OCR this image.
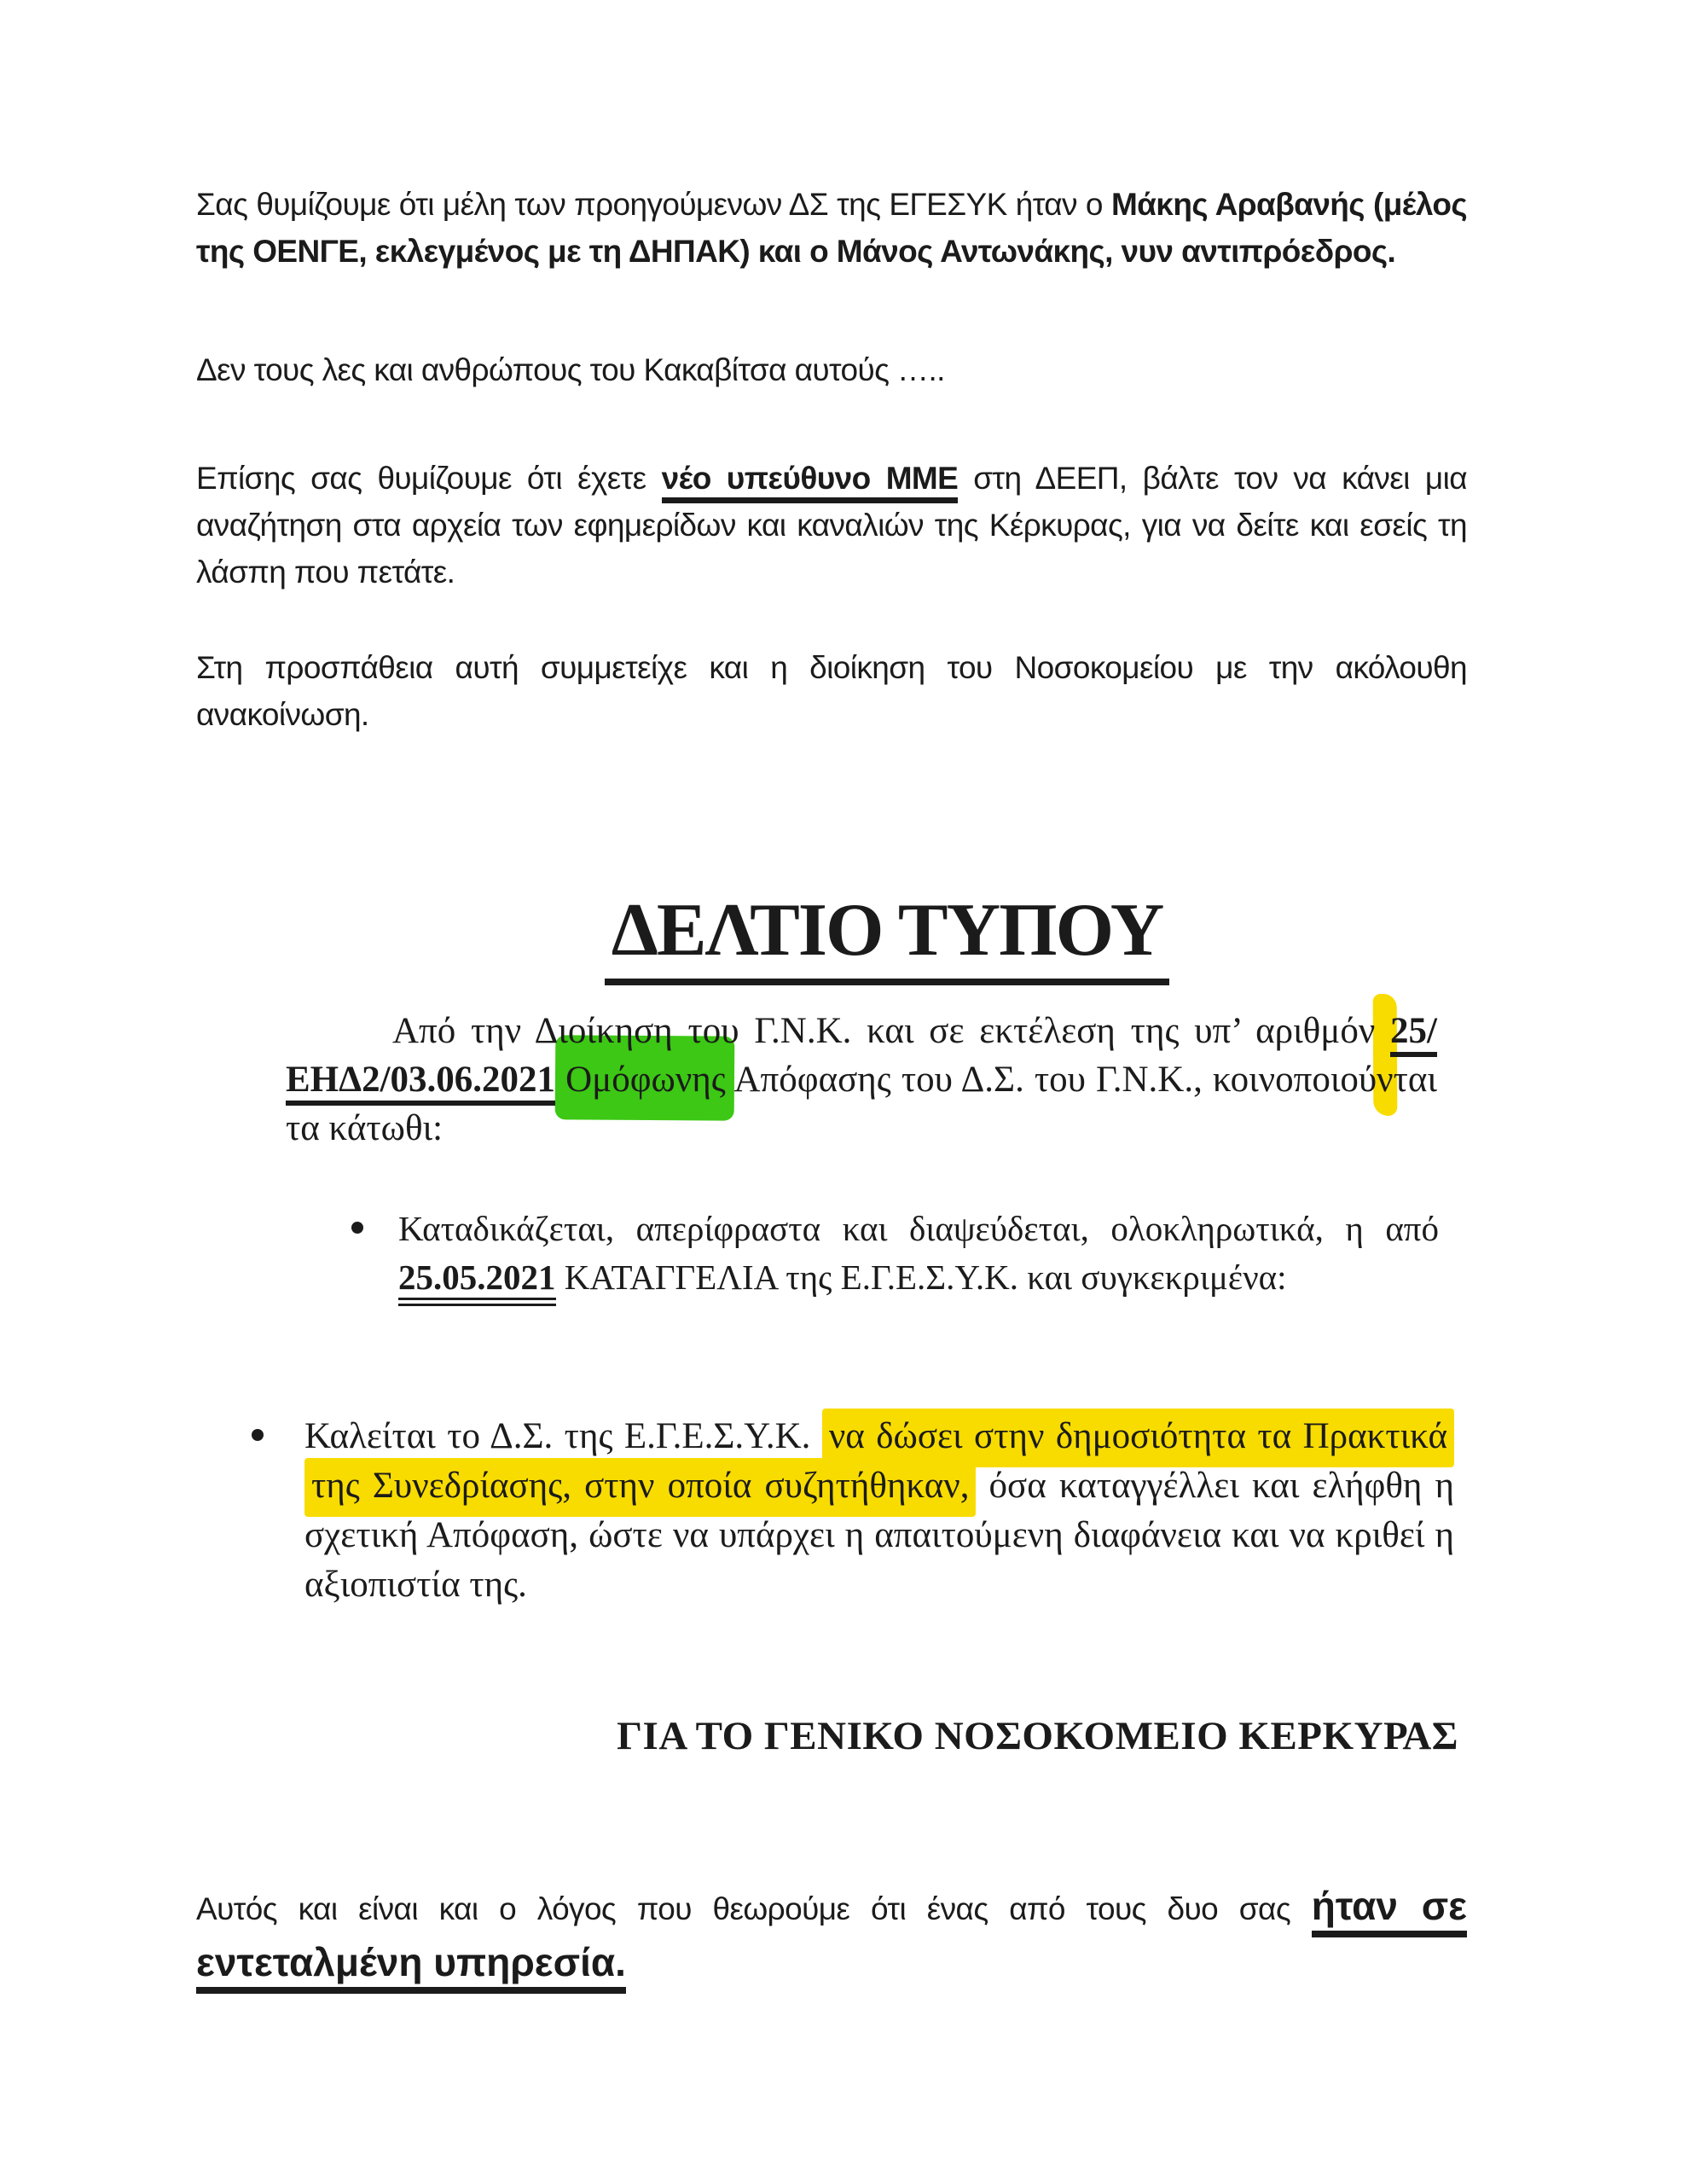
Σας θυμίζουμε ότι μέλη των προηγούμενων ΔΣ της ΕΓΕΣΥΚ ήταν ο Μάκης Αραβανής (μέλος της ΟΕΝΓΕ, εκλεγμένος με τη ΔΗΠΑΚ) και ο Μάνος Αντωνάκης, νυν αντιπρόεδρος.

Δεν τους λες και ανθρώπους του Κακαβίτσα αυτούς …..

Επίσης σας θυμίζουμε ότι έχετε νέο υπεύθυνο ΜΜΕ στη ΔΕΕΠ, βάλτε τον να κάνει μια αναζήτηση στα αρχεία των εφημερίδων και καναλιών της Κέρκυρας, για να δείτε και εσείς τη λάσπη που πετάτε.

Στη προσπάθεια αυτή συμμετείχε και η διοίκηση του Νοσοκομείου με την ακόλουθη ανακοίνωση.

ΔΕΛΤΙΟ ΤΥΠΟΥ

Από την Διοίκηση του Γ.Ν.Κ. και σε εκτέλεση της υπ’ αριθμόν 25/ΕΗΔ2/03.06.2021 Ομόφωνης Απόφασης του Δ.Σ. του Γ.Ν.Κ., κοινοποιούνται τα κάτωθι:

Καταδικάζεται, απερίφραστα και διαψεύδεται, ολοκληρωτικά, η από 25.05.2021 ΚΑΤΑΓΓΕΛΙΑ της Ε.Γ.Ε.Σ.Υ.Κ. και συγκεκριμένα:
Καλείται το Δ.Σ. της Ε.Γ.Ε.Σ.Υ.Κ. να δώσει στην δημοσιότητα τα Πρακτικά της Συνεδρίασης, στην οποία συζητήθηκαν, όσα καταγγέλλει και ελήφθη η σχετική Απόφαση, ώστε να υπάρχει η απαιτούμενη διαφάνεια και να κριθεί η αξιοπιστία της.
ΓΙΑ ΤΟ ΓΕΝΙΚΟ ΝΟΣΟΚΟΜΕΙΟ ΚΕΡΚΥΡΑΣ

Αυτός και είναι και ο λόγος που θεωρούμε ότι ένας από τους δυο σας ήταν σε εντεταλμένη υπηρεσία.
